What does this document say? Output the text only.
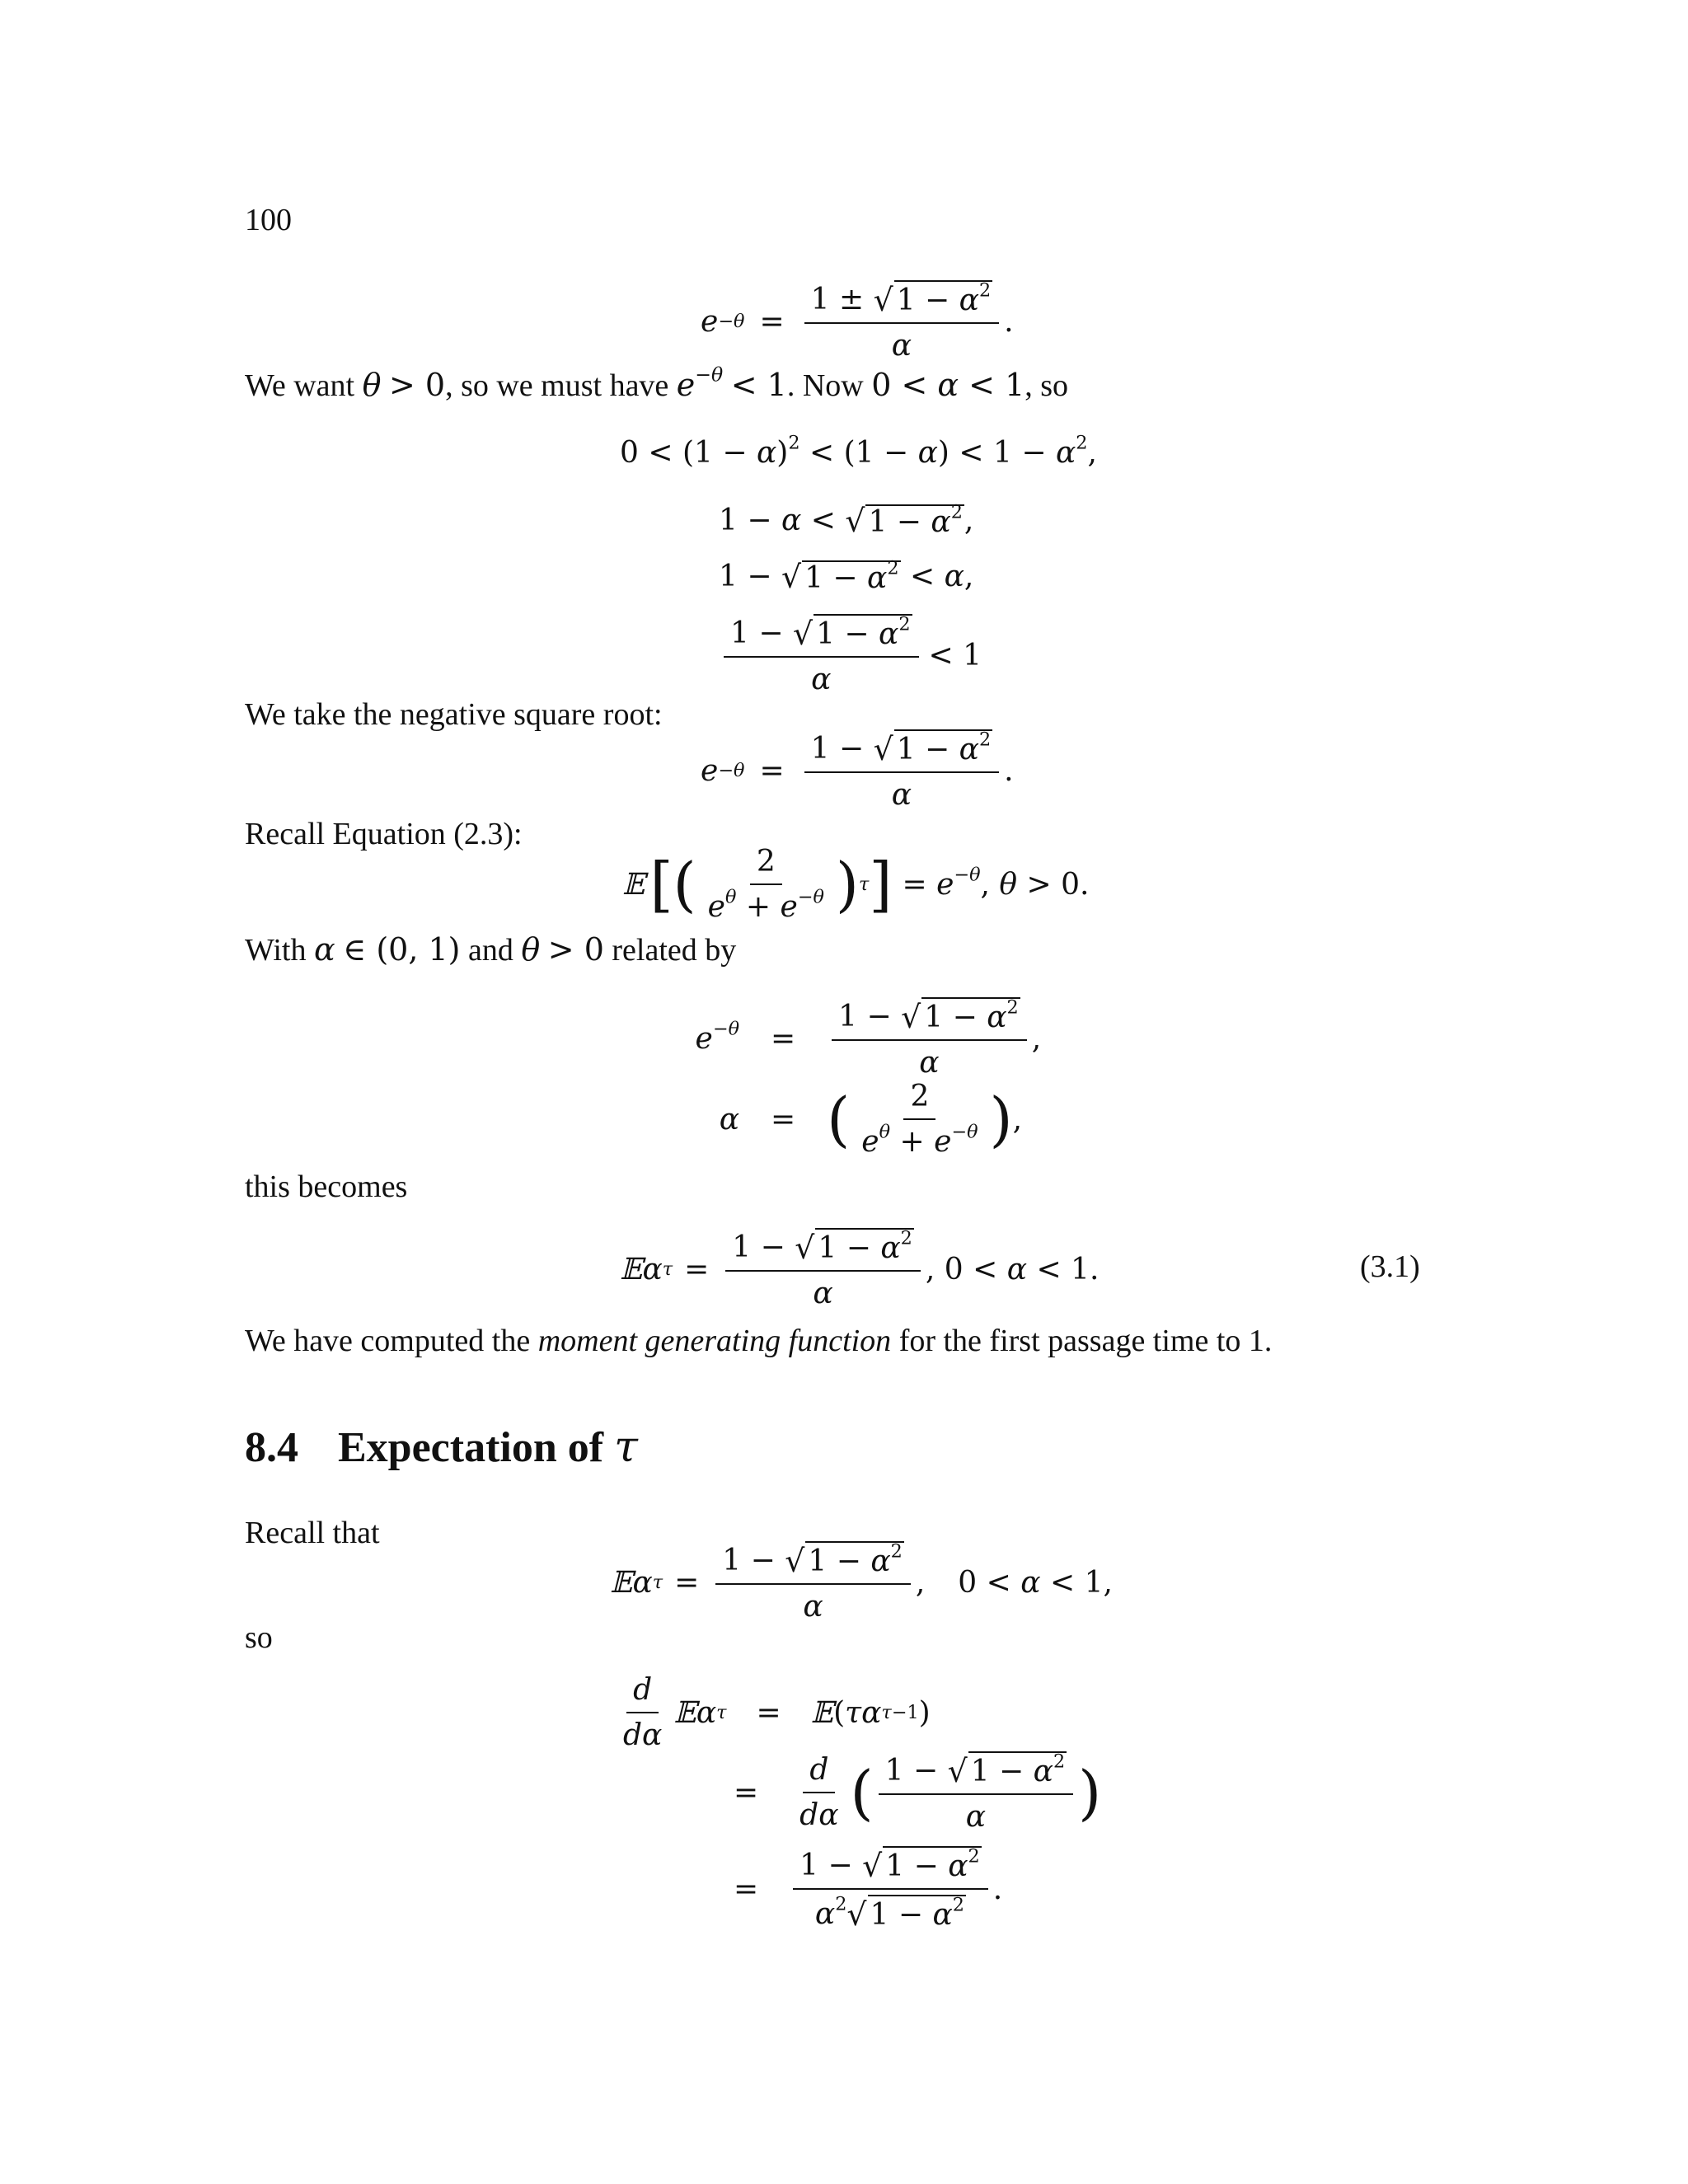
100
$e -\theta = \frac{1 \pm √ 1 - \alpha^2}{\alpha}$ .
We want θ > 0, so we must have $e^{-\theta} < 1$. Now 0 < α < 1, so
$0 < (1 - \alpha)^2 < (1 - \alpha) < 1 - \alpha^2$,
1 − α < √ $1 - \alpha^2$ ,
1 − √ $1 - \alpha^2 < \alpha$,
$\frac{1 - √ 1 - \alpha^2}{\alpha} < 1$
We take the negative square root:
$e -\theta = \frac{1 - √ 1 - \alpha^2}{\alpha}$ .
Recall Equation (2.3):
𝔼 [ ( $\frac{2}{e^\theta + e^{-\theta}}$ ) τ ] = $e^{-\theta}$, θ > 0.
With α ∈ (0, 1) and θ > 0 related by
$e^{-\theta} = \frac{1 - √ 1 - \alpha^2}{\alpha}$ ,
α = ( $\frac{2}{e^\theta + e^{-\theta}}$ ) ,
this becomes
𝔼 α $\tau = \frac{1 - √ 1 - \alpha^2}{\alpha}$ , 0 < α < 1.	(3.1)
We have computed the moment generating function for the first passage time to 1.
8.4 Expectation of τ
Recall that
𝔼 α $\tau = \frac{1 - √ 1 - \alpha^2}{\alpha}$ , 0 < α < 1,
so
$\frac{d}{d\alpha}$ 𝔼 α τ = 𝔼 ( τα τ−1 )
= $\frac{d}{d\alpha}$ ( $\frac{1 - √ 1 - \alpha^2}{\alpha}$ )
= $\frac{1 - √ 1 - \alpha^2}{\alpha^2 √ 1 - \alpha^2}$ .
